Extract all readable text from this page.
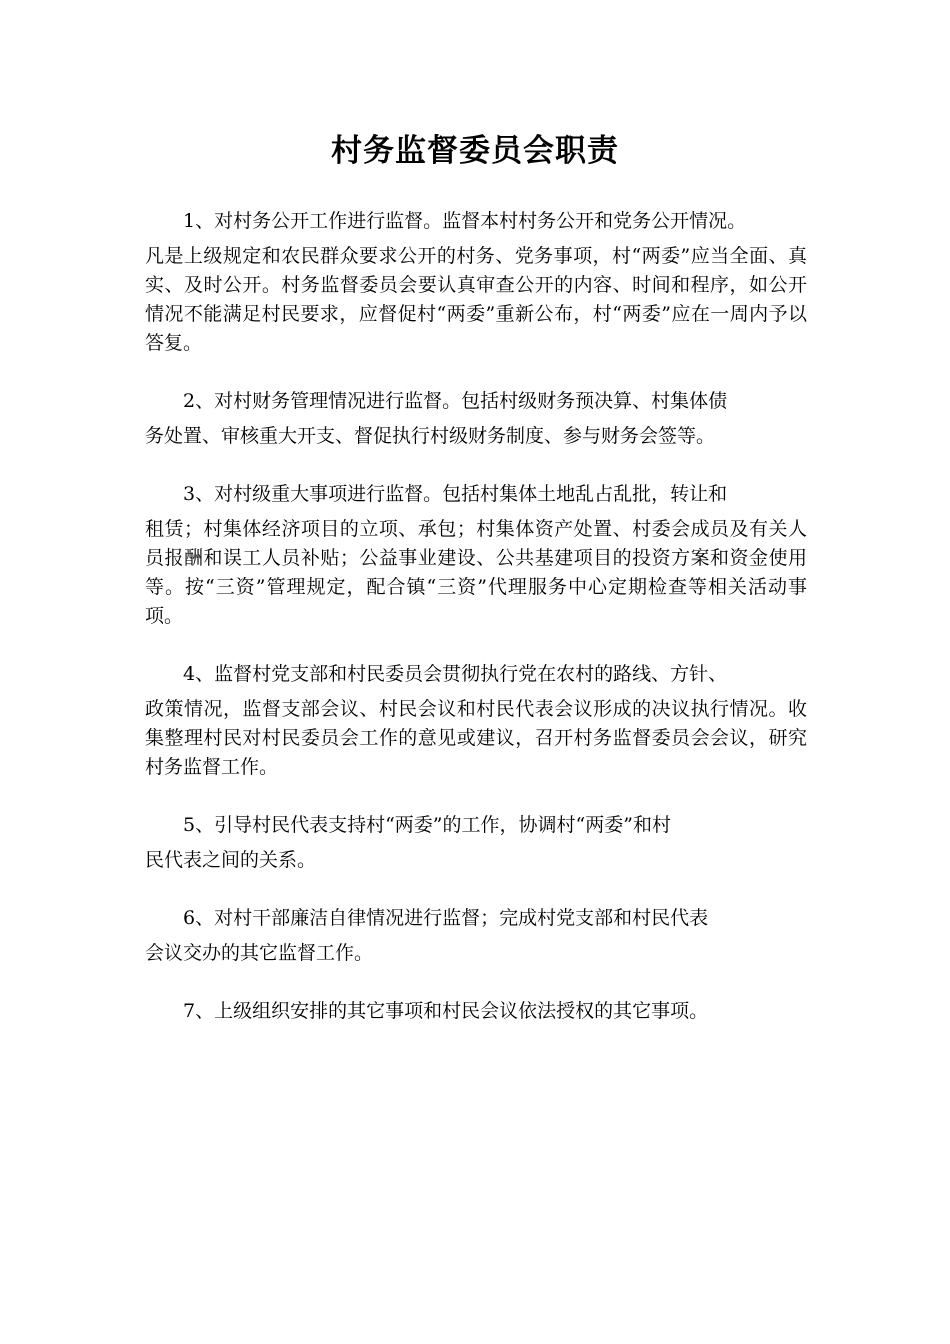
村务监督委员会职责

1、对村务公开工作进行监督。监督本村村务公开和党务公开情况。
凡是上级规定和农民群众要求公开的村务、党务事项，村“两委”应当全面、真实、及时公开。村务监督委员会要认真审查公开的内容、时间和程序，如公开情况不能满足村民要求，应督促村“两委”重新公布，村“两委”应在一周内予以答复。

2、对村财务管理情况进行监督。包括村级财务预决算、村集体债
务处置、审核重大开支、督促执行村级财务制度、参与财务会签等。

3、对村级重大事项进行监督。包括村集体土地乱占乱批，转让和
租赁；村集体经济项目的立项、承包；村集体资产处置、村委会成员及有关人员报酬和误工人员补贴；公益事业建设、公共基建项目的投资方案和资金使用等。按“三资”管理规定，配合镇“三资”代理服务中心定期检查等相关活动事项。

4、监督村党支部和村民委员会贯彻执行党在农村的路线、方针、
政策情况，监督支部会议、村民会议和村民代表会议形成的决议执行情况。收集整理村民对村民委员会工作的意见或建议，召开村务监督委员会会议，研究村务监督工作。

5、引导村民代表支持村“两委”的工作，协调村“两委”和村
民代表之间的关系。

6、对村干部廉洁自律情况进行监督；完成村党支部和村民代表
会议交办的其它监督工作。

7、上级组织安排的其它事项和村民会议依法授权的其它事项。
